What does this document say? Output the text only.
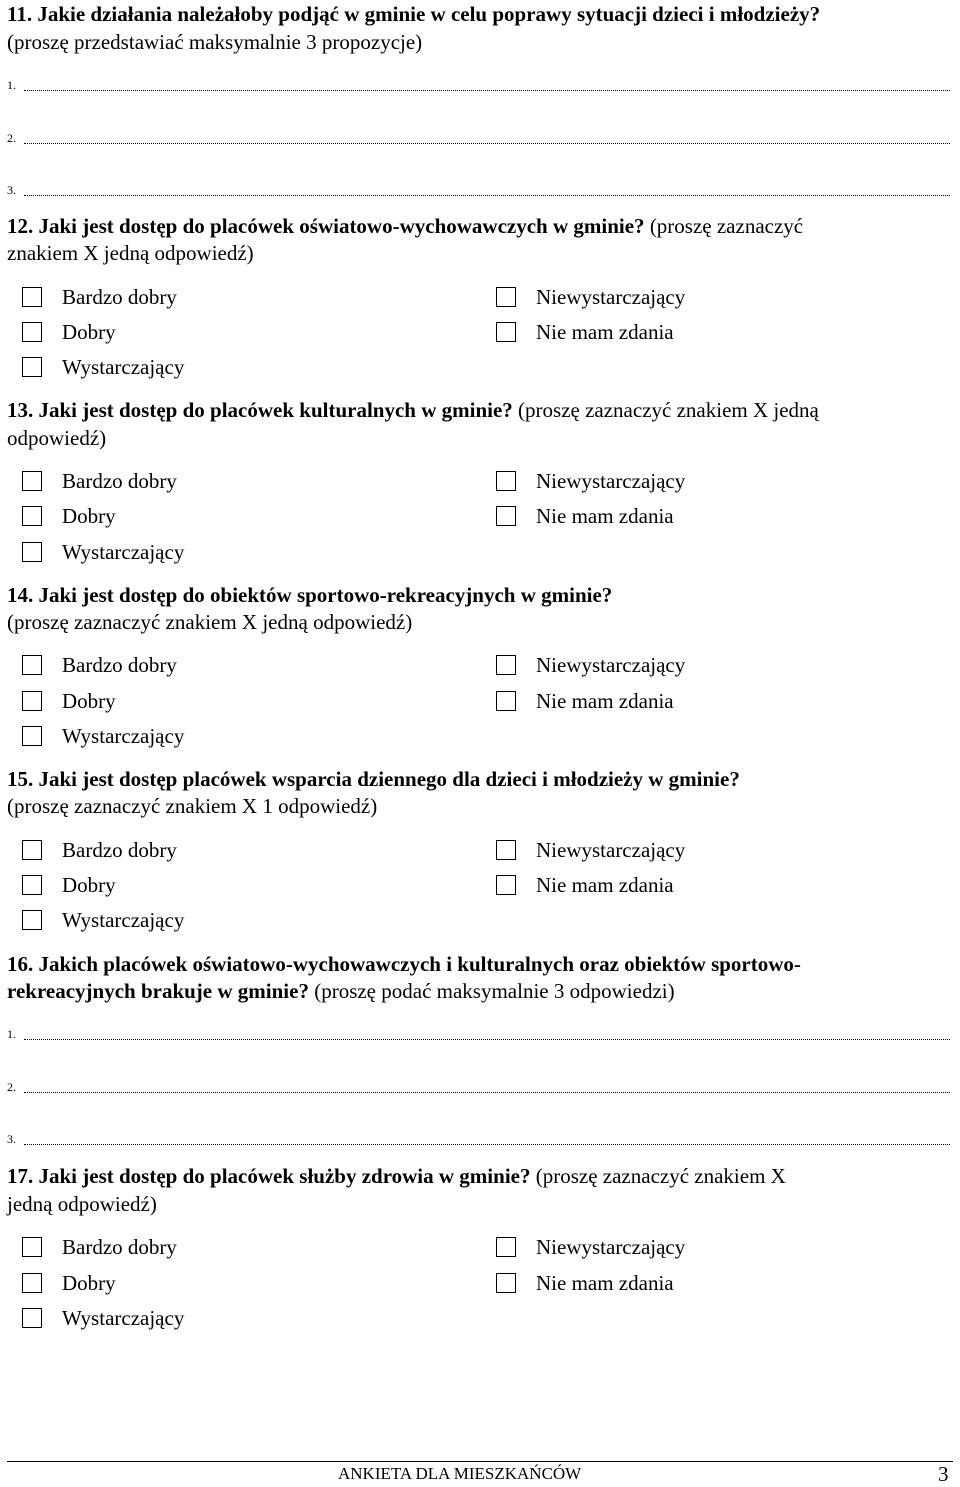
11. Jakie działania należałoby podjąć w gminie w celu poprawy sytuacji dzieci i młodzieży?
(proszę przedstawiać maksymalnie 3 propozycje)
1.
2.
3.
12. Jaki jest dostęp do placówek oświatowo-wychowawczych w gminie? (proszę zaznaczyć
znakiem X jedną odpowiedź)
Bardzo dobry
Dobry
Wystarczający
Niewystarczający
Nie mam zdania
13. Jaki jest dostęp do placówek kulturalnych w gminie? (proszę zaznaczyć znakiem X jedną
odpowiedź)
Bardzo dobry
Dobry
Wystarczający
Niewystarczający
Nie mam zdania
14. Jaki jest dostęp do obiektów sportowo-rekreacyjnych w gminie?
(proszę zaznaczyć znakiem X jedną odpowiedź)
Bardzo dobry
Dobry
Wystarczający
Niewystarczający
Nie mam zdania
15. Jaki jest dostęp placówek wsparcia dziennego dla dzieci i młodzieży w gminie?
(proszę zaznaczyć znakiem X 1 odpowiedź)
Bardzo dobry
Dobry
Wystarczający
Niewystarczający
Nie mam zdania
16. Jakich placówek oświatowo-wychowawczych i kulturalnych oraz obiektów sportowo-
rekreacyjnych brakuje w gminie? (proszę podać maksymalnie 3 odpowiedzi)
1.
2.
3.
17. Jaki jest dostęp do placówek służby zdrowia w gminie? (proszę zaznaczyć znakiem X
jedną odpowiedź)
Bardzo dobry
Dobry
Wystarczający
Niewystarczający
Nie mam zdania
ANKIETA DLA MIESZKAŃCÓW	3
